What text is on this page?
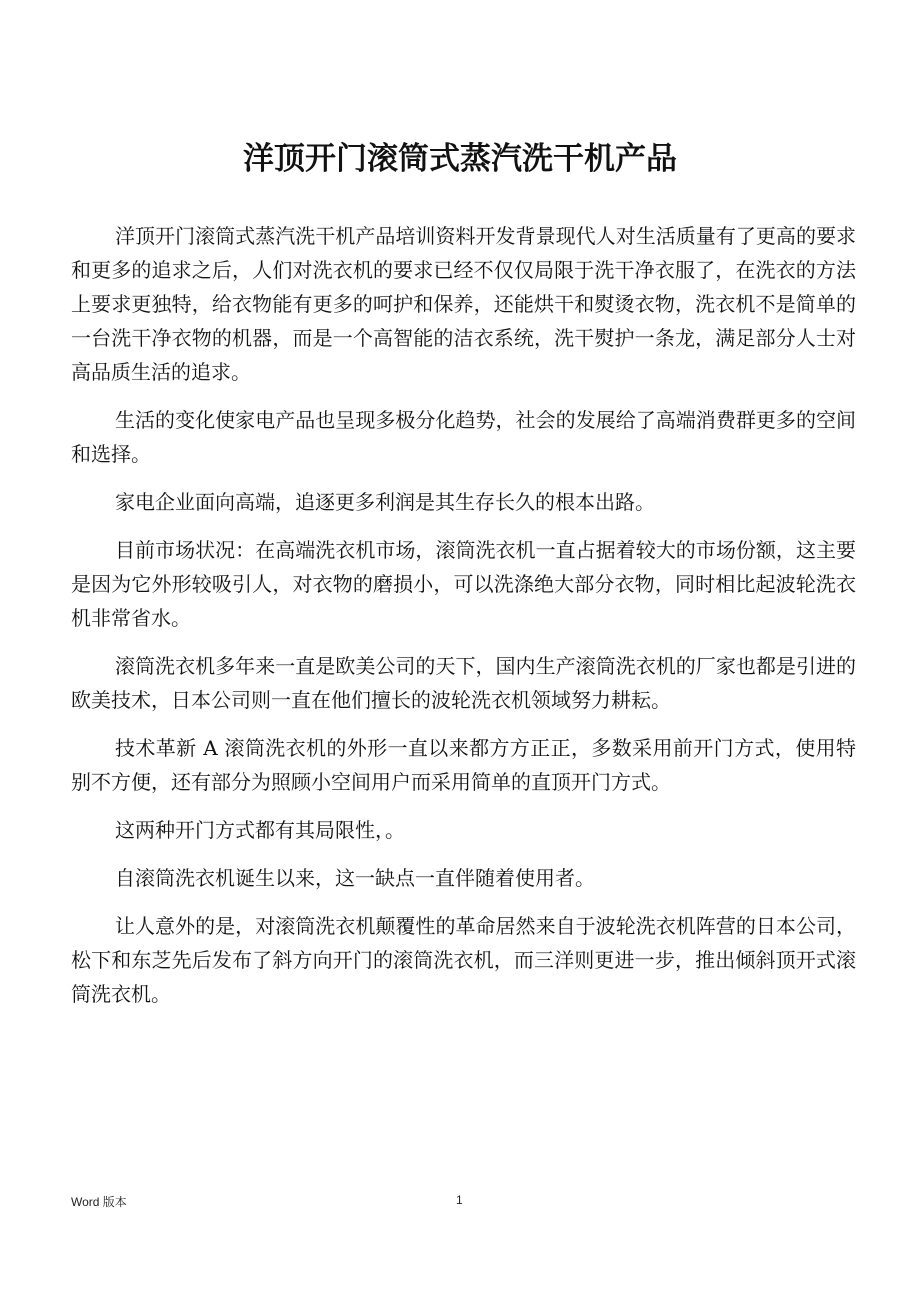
洋顶开门滚筒式蒸汽洗干机产品

洋顶开门滚筒式蒸汽洗干机产品培训资料开发背景现代人对生活质量有了更高的要求和更多的追求之后，人们对洗衣机的要求已经不仅仅局限于洗干净衣服了，在洗衣的方法上要求更独特，给衣物能有更多的呵护和保养，还能烘干和熨烫衣物，洗衣机不是简单的一台洗干净衣物的机器，而是一个高智能的洁衣系统，洗干熨护一条龙，满足部分人士对高品质生活的追求。

生活的变化使家电产品也呈现多极分化趋势，社会的发展给了高端消费群更多的空间和选择。

家电企业面向高端，追逐更多利润是其生存长久的根本出路。

目前市场状况：在高端洗衣机市场，滚筒洗衣机一直占据着较大的市场份额，这主要是因为它外形较吸引人，对衣物的磨损小，可以洗涤绝大部分衣物，同时相比起波轮洗衣机非常省水。

滚筒洗衣机多年来一直是欧美公司的天下，国内生产滚筒洗衣机的厂家也都是引进的欧美技术，日本公司则一直在他们擅长的波轮洗衣机领域努力耕耘。

技术革新 A 滚筒洗衣机的外形一直以来都方方正正，多数采用前开门方式，使用特别不方便，还有部分为照顾小空间用户而采用简单的直顶开门方式。

这两种开门方式都有其局限性，。

自滚筒洗衣机诞生以来，这一缺点一直伴随着使用者。

让人意外的是，对滚筒洗衣机颠覆性的革命居然来自于波轮洗衣机阵营的日本公司，松下和东芝先后发布了斜方向开门的滚筒洗衣机，而三洋则更进一步，推出倾斜顶开式滚筒洗衣机。

Word 版本	1
